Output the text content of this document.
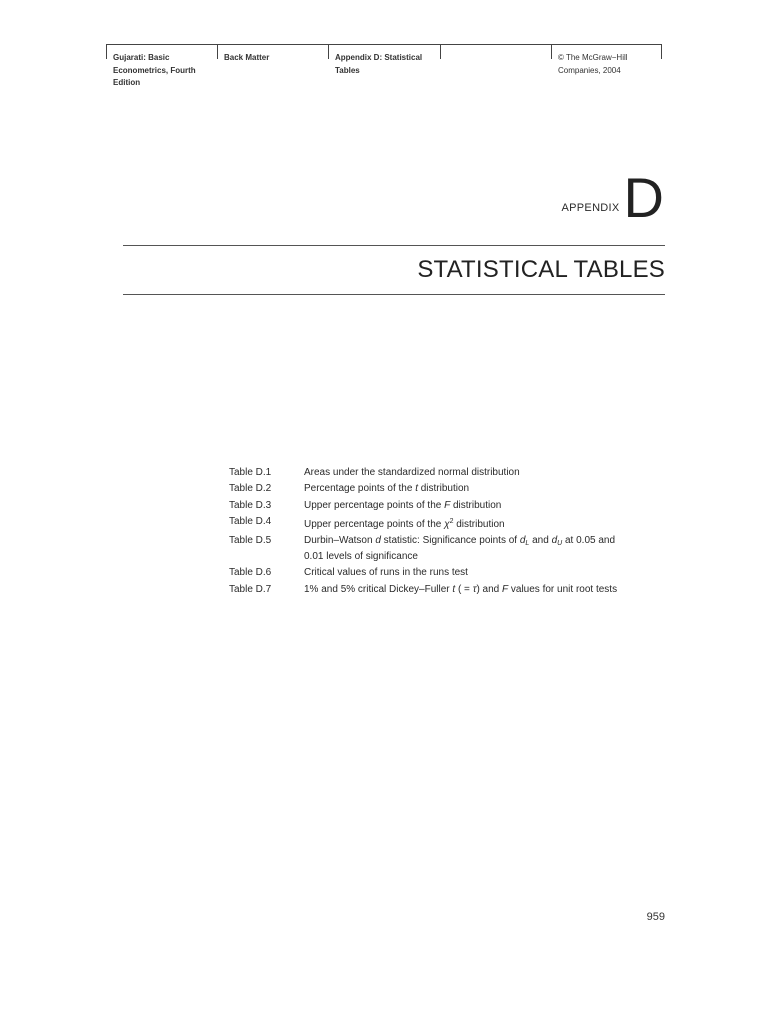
Gujarati: Basic
Econometrics, Fourth
Edition
Back Matter	Appendix D: Statistical
Tables
© The McGraw−Hill
Companies, 2004
APPENDIX D
STATISTICAL TABLES
Table D.1	Areas under the standardized normal distribution
Table D.2	Percentage points of the t distribution
Table D.3	Upper percentage points of the F distribution
Table D.4	Upper percentage points of the $\chi^2$ distribution
Table D.5	Durbin–Watson d statistic: Significance points of $d_L$ and $d_U$ at 0.05 and
0.01 levels of significance
Table D.6	Critical values of runs in the runs test
Table D.7	1% and 5% critical Dickey–Fuller t ( = τ) and F values for unit root tests
959
